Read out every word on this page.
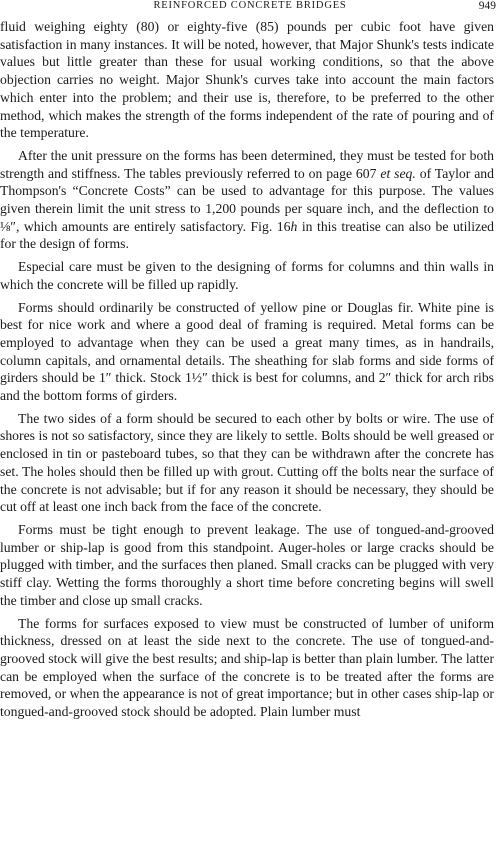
REINFORCED CONCRETE BRIDGES	949

fluid weighing eighty (80) or eighty-five (85) pounds per cubic foot have given satisfaction in many instances. It will be noted, however, that Major Shunk's tests indicate values but little greater than these for usual working conditions, so that the above objection carries no weight. Major Shunk's curves take into account the main factors which enter into the problem; and their use is, therefore, to be preferred to the other method, which makes the strength of the forms independent of the rate of pouring and of the temperature.

After the unit pressure on the forms has been determined, they must be tested for both strength and stiffness. The tables previously referred to on page 607 et seq. of Taylor and Thompson's “Concrete Costs” can be used to advantage for this purpose. The values given therein limit the unit stress to 1,200 pounds per square inch, and the deflection to ⅛″, which amounts are entirely satisfactory. Fig. 16h in this treatise can also be utilized for the design of forms.

Especial care must be given to the designing of forms for columns and thin walls in which the concrete will be filled up rapidly.

Forms should ordinarily be constructed of yellow pine or Douglas fir. White pine is best for nice work and where a good deal of framing is required. Metal forms can be employed to advantage when they can be used a great many times, as in handrails, column capitals, and ornamental details. The sheathing for slab forms and side forms of girders should be 1″ thick. Stock 1½″ thick is best for columns, and 2″ thick for arch ribs and the bottom forms of girders.

The two sides of a form should be secured to each other by bolts or wire. The use of shores is not so satisfactory, since they are likely to settle. Bolts should be well greased or enclosed in tin or pasteboard tubes, so that they can be withdrawn after the concrete has set. The holes should then be filled up with grout. Cutting off the bolts near the surface of the concrete is not advisable; but if for any reason it should be necessary, they should be cut off at least one inch back from the face of the concrete.

Forms must be tight enough to prevent leakage. The use of tongued-and-grooved lumber or ship-lap is good from this standpoint. Auger-holes or large cracks should be plugged with timber, and the surfaces then planed. Small cracks can be plugged with very stiff clay. Wetting the forms thoroughly a short time before concreting begins will swell the timber and close up small cracks.

The forms for surfaces exposed to view must be constructed of lumber of uniform thickness, dressed on at least the side next to the concrete. The use of tongued-and-grooved stock will give the best results; and ship-lap is better than plain lumber. The latter can be employed when the surface of the concrete is to be treated after the forms are removed, or when the appearance is not of great importance; but in other cases ship-lap or tongued-and-grooved stock should be adopted. Plain lumber must
